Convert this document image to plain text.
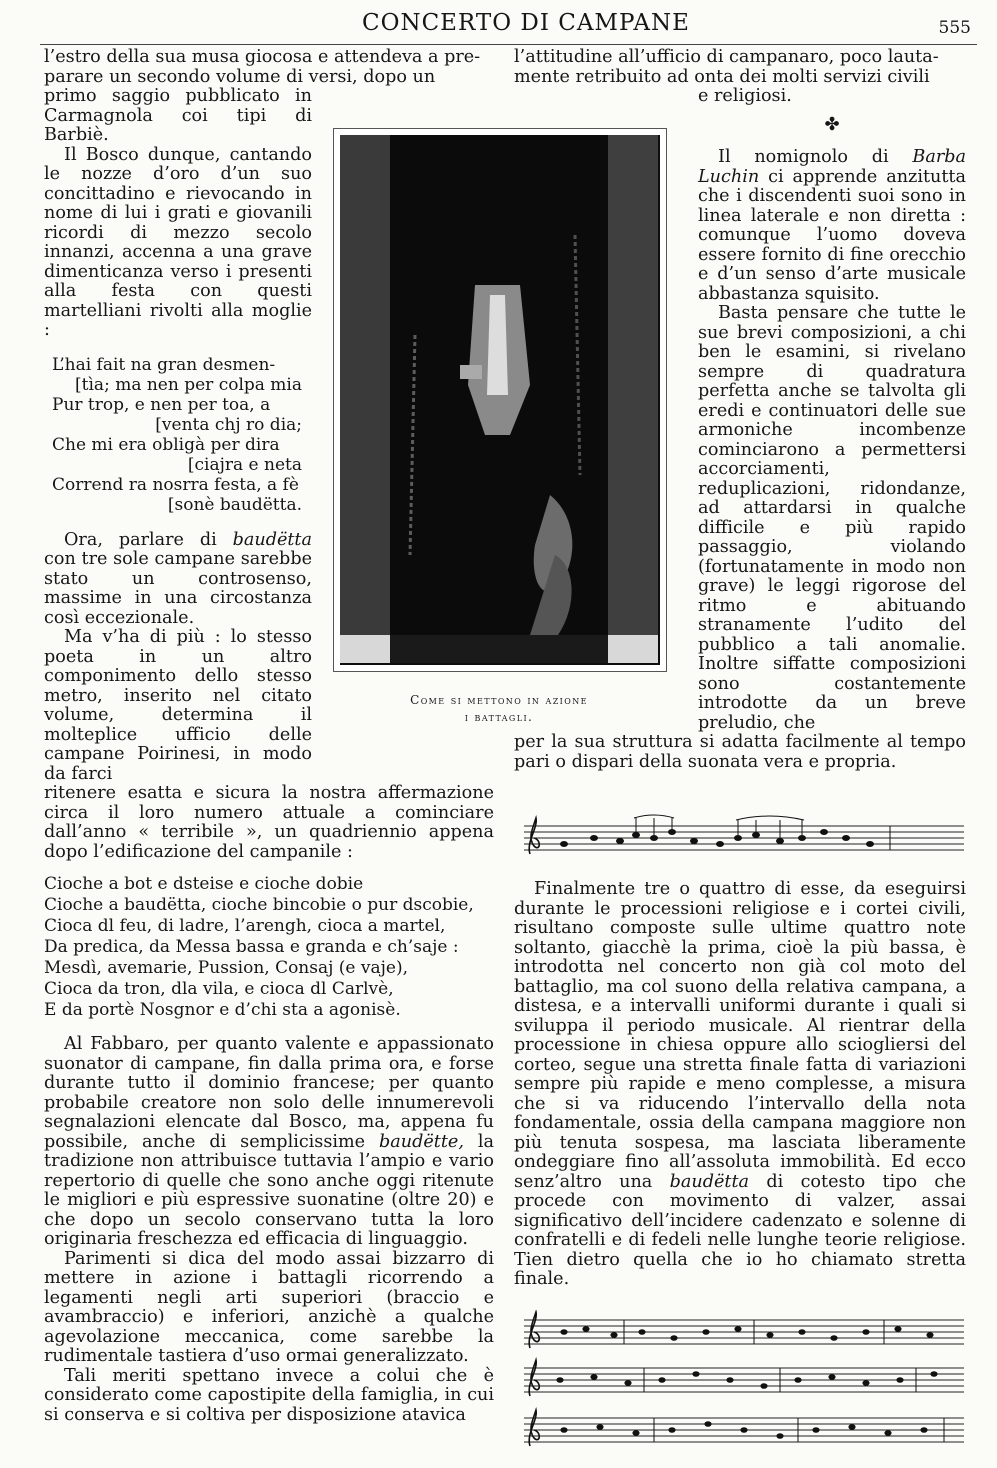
CONCERTO DI CAMPANE	555

l’estro della sua musa giocosa e attendeva a pre-
parare un secondo volume di versi, dopo un

primo saggio pubblicato in Carmagnola coi tipi di Barbiè.

Il Bosco dunque, cantando le nozze d’oro d’un suo concittadino e rievocando in nome di lui i grati e giovanili ricordi di mezzo secolo innanzi, accenna a una grave dimenticanza verso i presenti alla festa con questi martelliani rivolti alla moglie :

L’hai fait na gran desmen-
[tìa; ma nen per colpa mia
Pur trop, e nen per toa, a
[venta chj ro dia;
Che mi era obligà per dira
[ciajra e neta
Corrend ra nosrra festa, a fè
[sonè baudëtta.

Ora, parlare di baudëtta con tre sole campane sarebbe stato un controsenso, massime in una circostanza così eccezionale.

Ma v’ha di più : lo stesso poeta in un altro componimento dello stesso metro, inserito nel citato volume, determina il molteplice ufficio delle campane Poirinesi, in modo da farci

ritenere esatta e sicura la nostra affermazione circa il loro numero attuale a cominciare dall’anno « terribile », un quadriennio appena dopo l’edificazione del campanile :

Cioche a bot e dsteise e cioche dobie
Cioche a baudëtta, cioche bincobie o pur dscobie,
Cioca dl feu, di ladre, l’arengh, cioca a martel,
Da predica, da Messa bassa e granda e ch’saje :
Mesdì, avemarie, Pussion, Consaj (e vaje),
Cioca da tron, dla vila, e cioca dl Carlvè,
E da portè Nosgnor e d’chi sta a agonisè.

Al Fabbaro, per quanto valente e appassionato suonator di campane, fin dalla prima ora, e forse durante tutto il dominio francese; per quanto probabile creatore non solo delle innumerevoli segnalazioni elencate dal Bosco, ma, appena fu possibile, anche di semplicissime baudëtte, la tradizione non attribuisce tuttavia l’ampio e vario repertorio di quelle che sono anche oggi ritenute le migliori e più espressive suonatine (oltre 20) e che dopo un secolo conservano tutta la loro originaria freschezza ed efficacia di linguaggio.

Parimenti si dica del modo assai bizzarro di mettere in azione i battagli ricorrendo a legamenti negli arti superiori (braccio e avambraccio) e inferiori, anzichè a qualche agevolazione meccanica, come sarebbe la rudimentale tastiera d’uso ormai generalizzato.

Tali meriti spettano invece a colui che è considerato come capostipite della famiglia, in cui si conserva e si coltiva per disposizione atavica

Come si mettono in azione
i battagli.

l’attitudine all’ufficio di campanaro, poco lauta-
mente retribuito ad onta dei molti servizi civili

e religiosi.

✤

Il nomignolo di Barba Luchin ci apprende anzitutta che i discendenti suoi sono in linea laterale e non diretta : comunque l’uomo doveva essere fornito di fine orecchio e d’un senso d’arte musicale abbastanza squisito.

Basta pensare che tutte le sue brevi composizioni, a chi ben le esamini, si rivelano sempre di quadratura perfetta anche se talvolta gli eredi e continuatori delle sue armoniche incombenze cominciarono a permettersi accorciamenti, reduplicazioni, ridondanze, ad attardarsi in qualche difficile e più rapido passaggio, violando (fortunatamente in modo non grave) le leggi rigorose del ritmo e abituando stranamente l’udito del pubblico a tali anomalie. Inoltre siffatte composizioni sono costantemente introdotte da un breve preludio, che

per la sua struttura si adatta facilmente al tempo pari o dispari della suonata vera e propria.

Finalmente tre o quattro di esse, da eseguirsi durante le processioni religiose e i cortei civili, risultano composte sulle ultime quattro note soltanto, giacchè la prima, cioè la più bassa, è introdotta nel concerto non già col moto del battaglio, ma col suono della relativa campana, a distesa, e a intervalli uniformi durante i quali si sviluppa il periodo musicale. Al rientrar della processione in chiesa oppure allo sciogliersi del corteo, segue una stretta finale fatta di variazioni sempre più rapide e meno complesse, a misura che si va riducendo l’intervallo della nota fondamentale, ossia della campana maggiore non più tenuta sospesa, ma lasciata liberamente ondeggiare fino all’assoluta immobilità. Ed ecco senz’altro una baudëtta di cotesto tipo che procede con movimento di valzer, assai significativo dell’incidere cadenzato e solenne di confratelli e di fedeli nelle lunghe teorie religiose. Tien dietro quella che io ho chiamato stretta finale.
